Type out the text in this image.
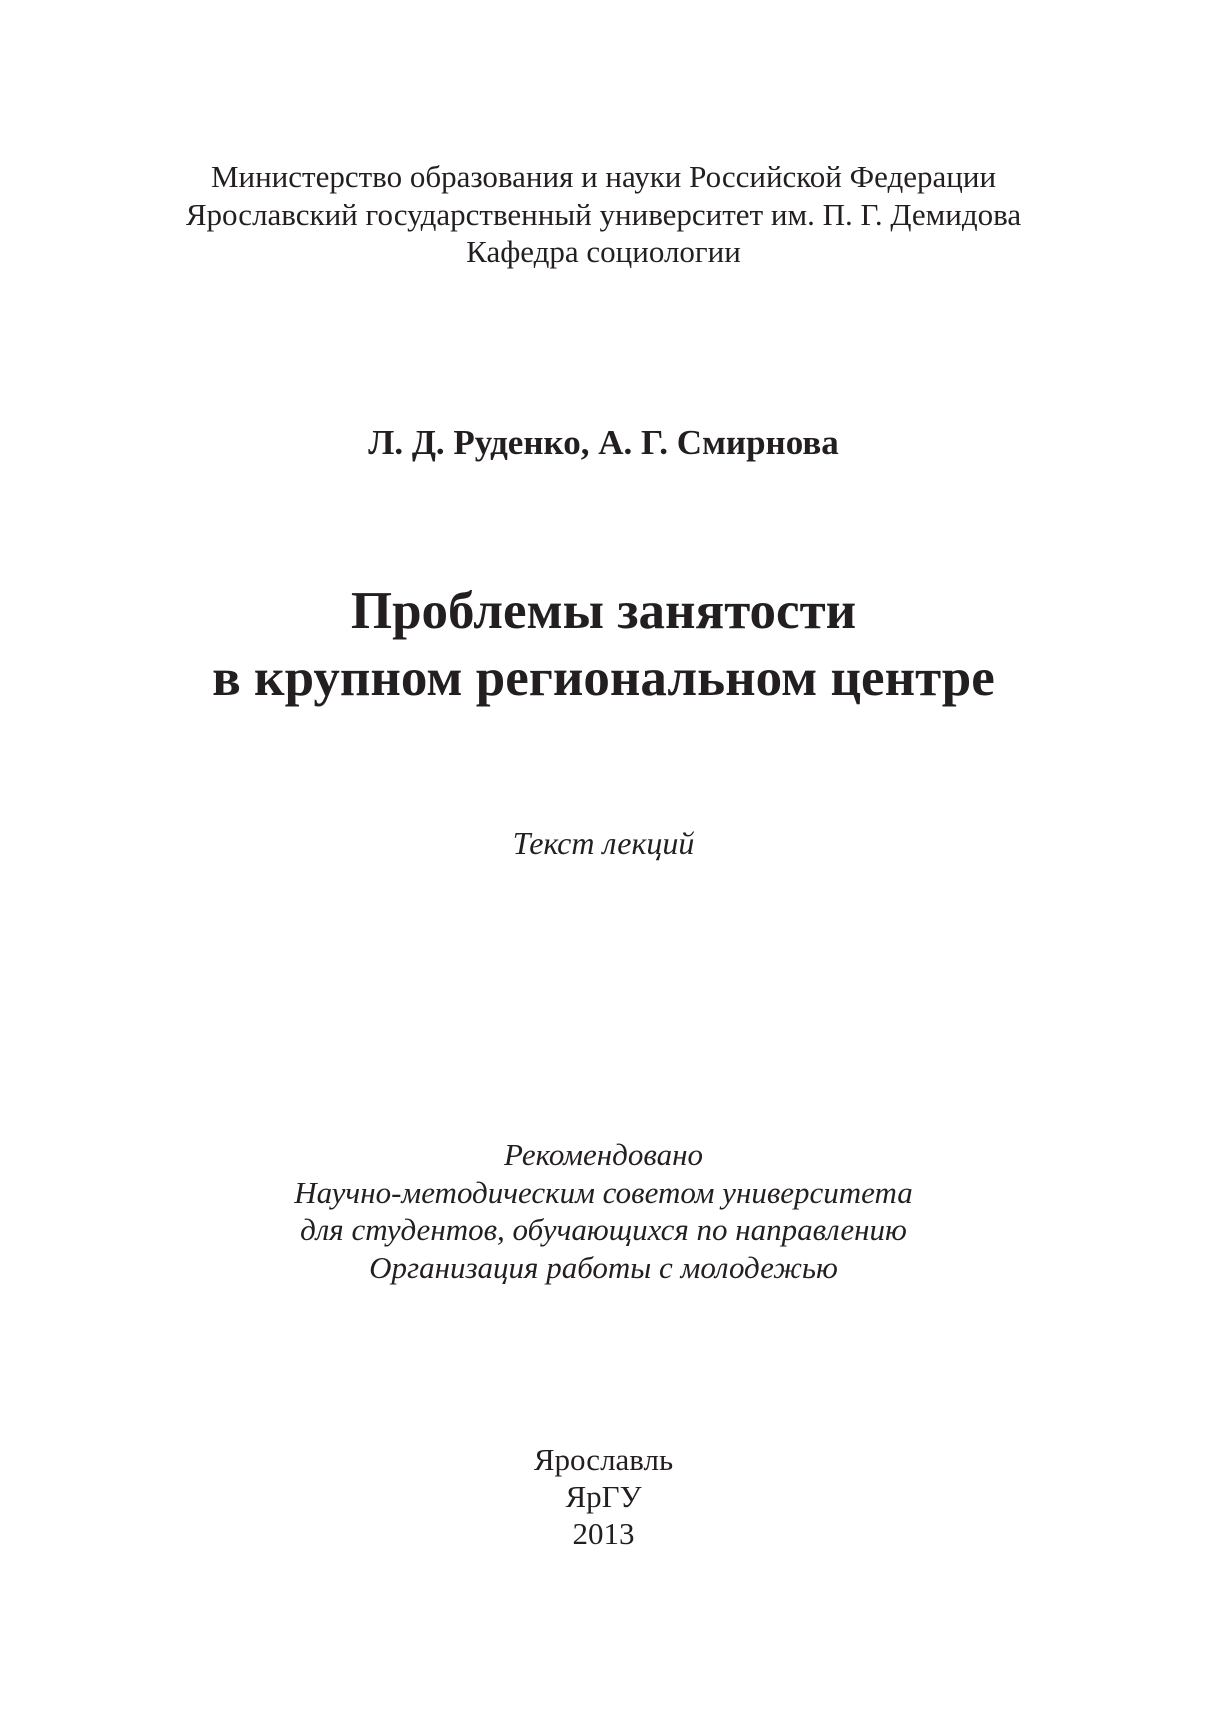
Министерство образования и науки Российской Федерации
Ярославский государственный университет им. П. Г. Демидова
Кафедра социологии
Л. Д. Руденко, А. Г. Смирнова
Проблемы занятости
в крупном региональном центре
Текст лекций
Рекомендовано
Научно-методическим советом университета
для студентов, обучающихся по направлению
Организация работы с молодежью
Ярославль
ЯрГУ
2013
